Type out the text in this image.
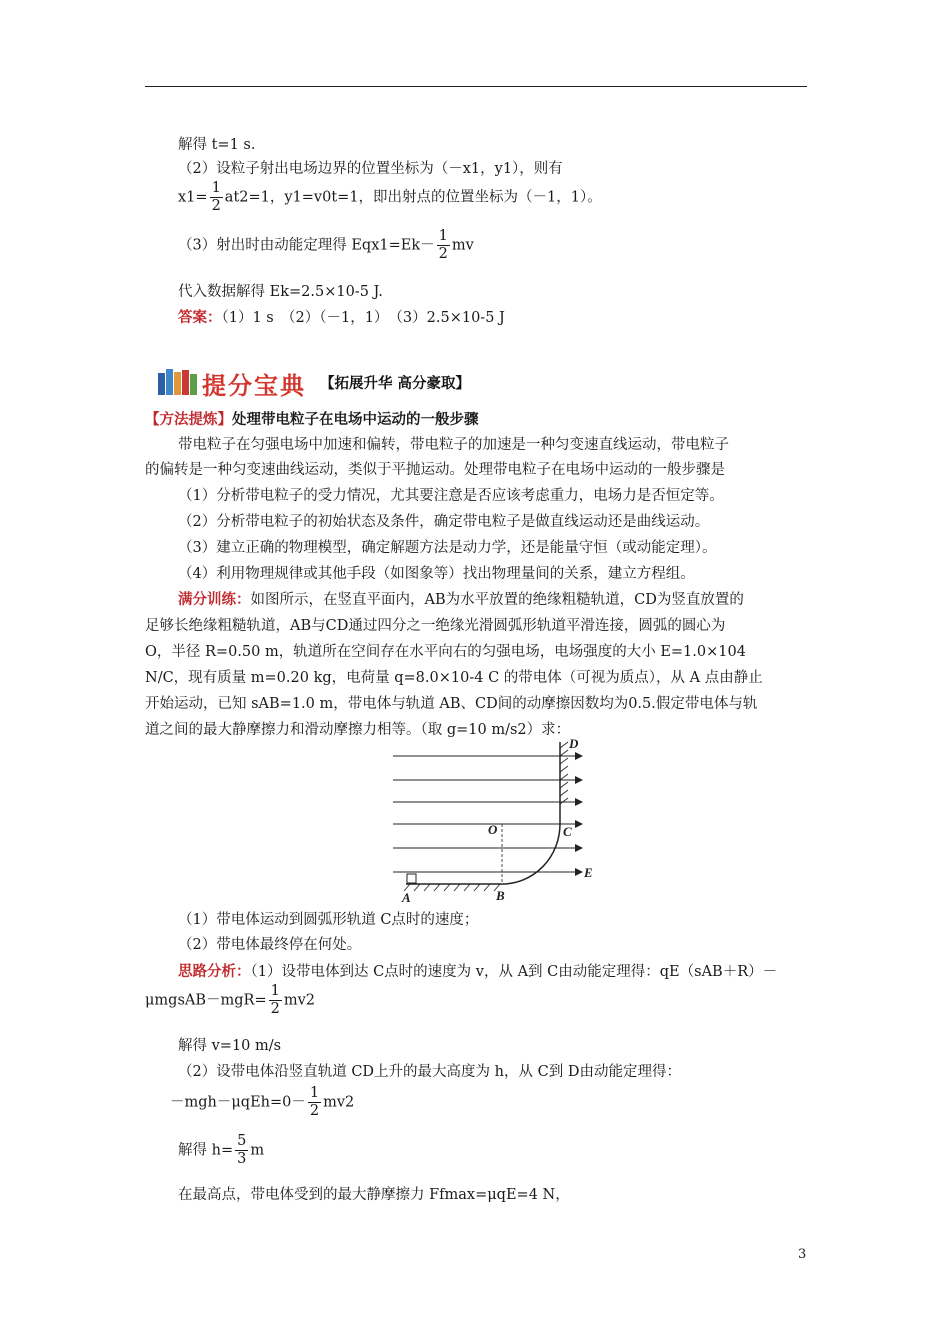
解得 t=1 s.
（2）设粒子射出电场边界的位置坐标为（－x1，y1），则有
$x1= \frac{1}{2} at2=1$，y1=v0t=1，即出射点的位置坐标为（－1，1）。
（3）射出时由动能定理得 $Eqx1=Ek- \frac{1}{2}$ mv
代入数据解得 Ek=2.5×10-5 J.
答案：（1）1 s　（2）（－1，1）　（3）2.5×10-5 J
提分宝典 【拓展升华 高分豪取】
【方法提炼】处理带电粒子在电场中运动的一般步骤
带电粒子在匀强电场中加速和偏转，带电粒子的加速是一种匀变速直线运动，带电粒子
的偏转是一种匀变速曲线运动，类似于平抛运动。处理带电粒子在电场中运动的一般步骤是
（1）分析带电粒子的受力情况，尤其要注意是否应该考虑重力，电场力是否恒定等。
（2）分析带电粒子的初始状态及条件，确定带电粒子是做直线运动还是曲线运动。
（3）建立正确的物理模型，确定解题方法是动力学，还是能量守恒（或动能定理）。
（4）利用物理规律或其他手段（如图象等）找出物理量间的关系，建立方程组。
满分训练：如图所示，在竖直平面内，AB为水平放置的绝缘粗糙轨道，CD为竖直放置的
足够长绝缘粗糙轨道，AB与CD通过四分之一绝缘光滑圆弧形轨道平滑连接，圆弧的圆心为
O，半径 R=0.50 m，轨道所在空间存在水平向右的匀强电场，电场强度的大小 E=1.0×104
N/C，现有质量 m=0.20 kg，电荷量 q=8.0×10-4 C 的带电体（可视为质点），从 A 点由静止
开始运动，已知 sAB=1.0 m，带电体与轨道 AB、CD间的动摩擦因数均为0.5.假定带电体与轨
道之间的最大静摩擦力和滑动摩擦力相等。（取 g=10 m/s2）求：
D
O	C
E
A	B
（1）带电体运动到圆弧形轨道 C点时的速度；
（2）带电体最终停在何处。
思路分析：（1）设带电体到达 C点时的速度为 v，从 A到 C由动能定理得：qE（sAB＋R）－
μmgsAB－mgR= $\frac{1}{2} mv2$
解得 v=10 m/s
（2）设带电体沿竖直轨道 CD上升的最大高度为 h，从 C到 D由动能定理得：
$-mgh-\mu qEh=0- \frac{1}{2} mv2$
解得 $h= \frac{5}{3}$ m
在最高点，带电体受到的最大静摩擦力 Ffmax=μqE=4 N，
3
